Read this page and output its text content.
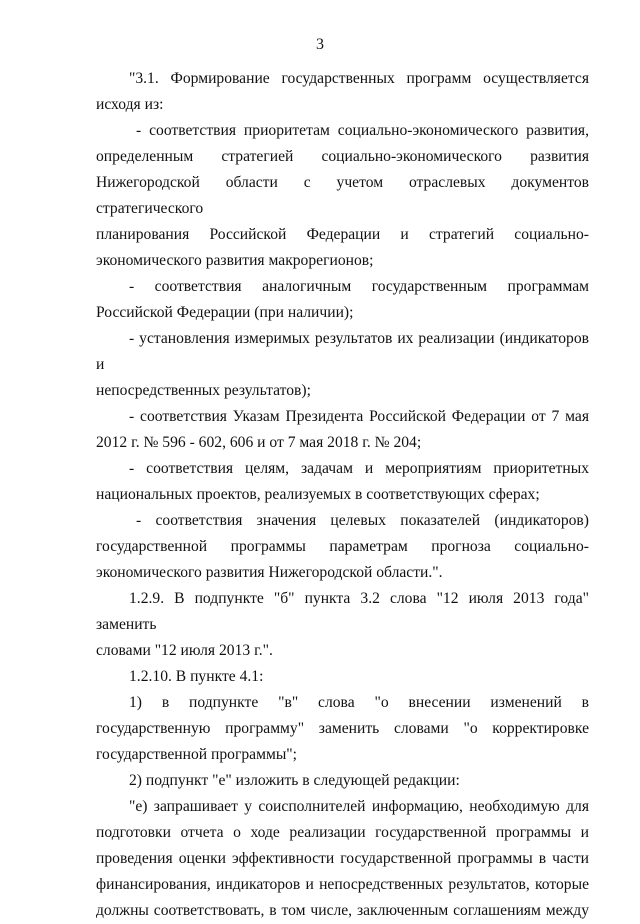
3

"3.1. Формирование государственных программ осуществляется

исходя из:

- соответствия приоритетам социально-экономического развития,

определенным стратегией социально-экономического развития

Нижегородской области с учетом отраслевых документов стратегического

планирования Российской Федерации и стратегий социально-

экономического развития макрорегионов;

- соответствия аналогичным государственным программам

Российской Федерации (при наличии);

- установления измеримых результатов их реализации (индикаторов и

непосредственных результатов);

- соответствия Указам Президента Российской Федерации от 7 мая

2012 г. № 596 - 602, 606 и от 7 мая 2018 г. № 204;

- соответствия целям, задачам и мероприятиям приоритетных

национальных проектов, реализуемых в соответствующих сферах;

- соответствия значения целевых показателей (индикаторов)

государственной программы параметрам прогноза социально-

экономического развития Нижегородской области.".

1.2.9. В подпункте "б" пункта 3.2 слова "12 июля 2013 года" заменить

словами "12 июля 2013 г.".

1.2.10. В пункте 4.1:

1) в подпункте "в" слова "о внесении изменений в

государственную программу" заменить словами "о корректировке

государственной программы";

2) подпункт "е" изложить в следующей редакции:

"е) запрашивает у соисполнителей информацию, необходимую для

подготовки отчета о ходе реализации государственной программы и

проведения оценки эффективности государственной программы в части

финансирования, индикаторов и непосредственных результатов, которые

должны соответствовать, в том числе, заключенным соглашениям между
